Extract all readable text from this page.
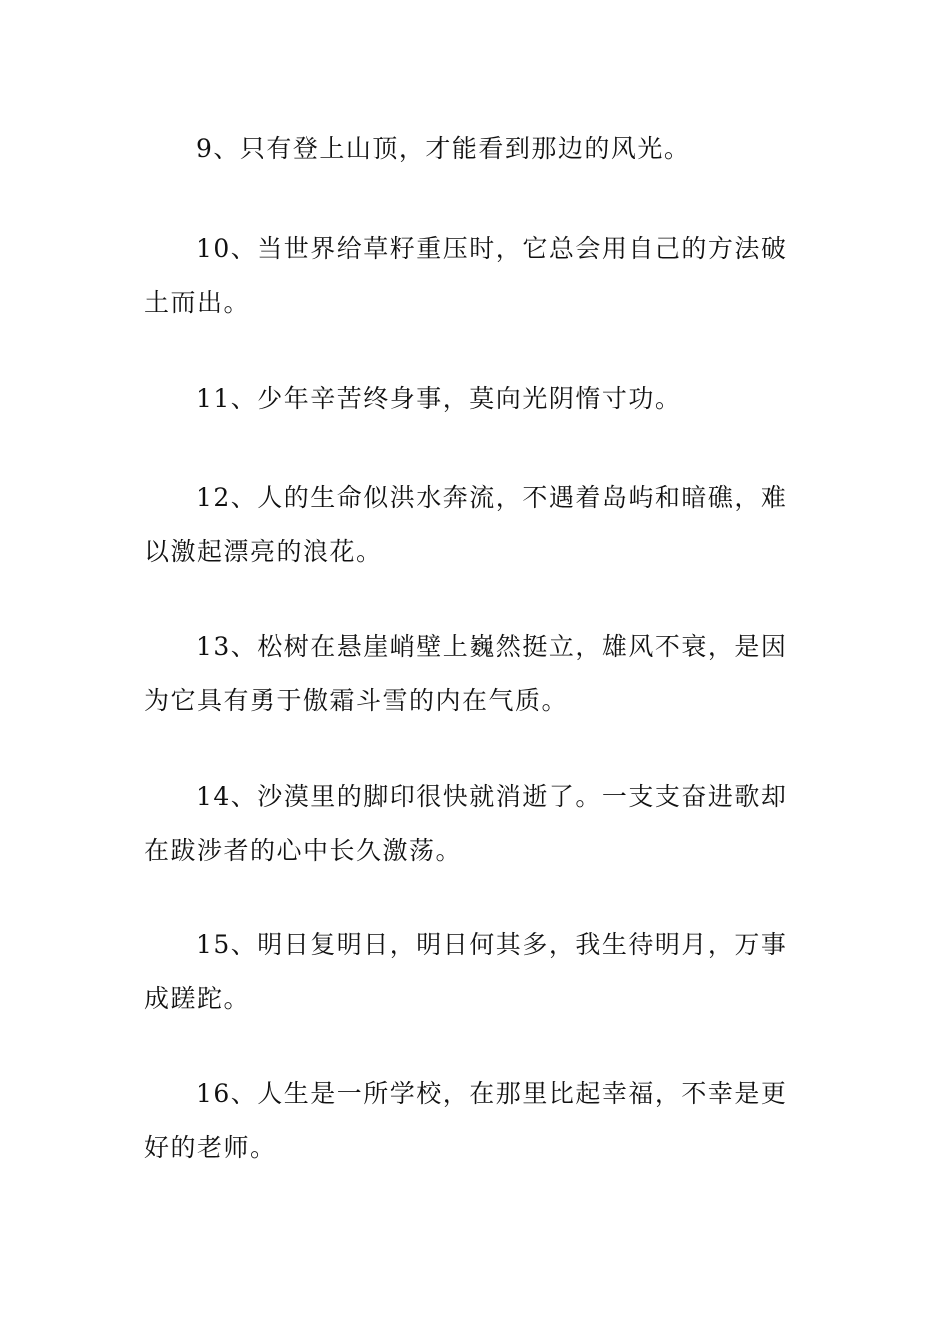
9、只有登上山顶，才能看到那边的风光。

10、当世界给草籽重压时，它总会用自己的方法破土而出。

11、少年辛苦终身事，莫向光阴惰寸功。

12、人的生命似洪水奔流，不遇着岛屿和暗礁，难以激起漂亮的浪花。

13、松树在悬崖峭壁上巍然挺立，雄风不衰，是因为它具有勇于傲霜斗雪的内在气质。

14、沙漠里的脚印很快就消逝了。一支支奋进歌却在跋涉者的心中长久激荡。

15、明日复明日，明日何其多，我生待明月，万事成蹉跎。

16、人生是一所学校，在那里比起幸福，不幸是更好的老师。
